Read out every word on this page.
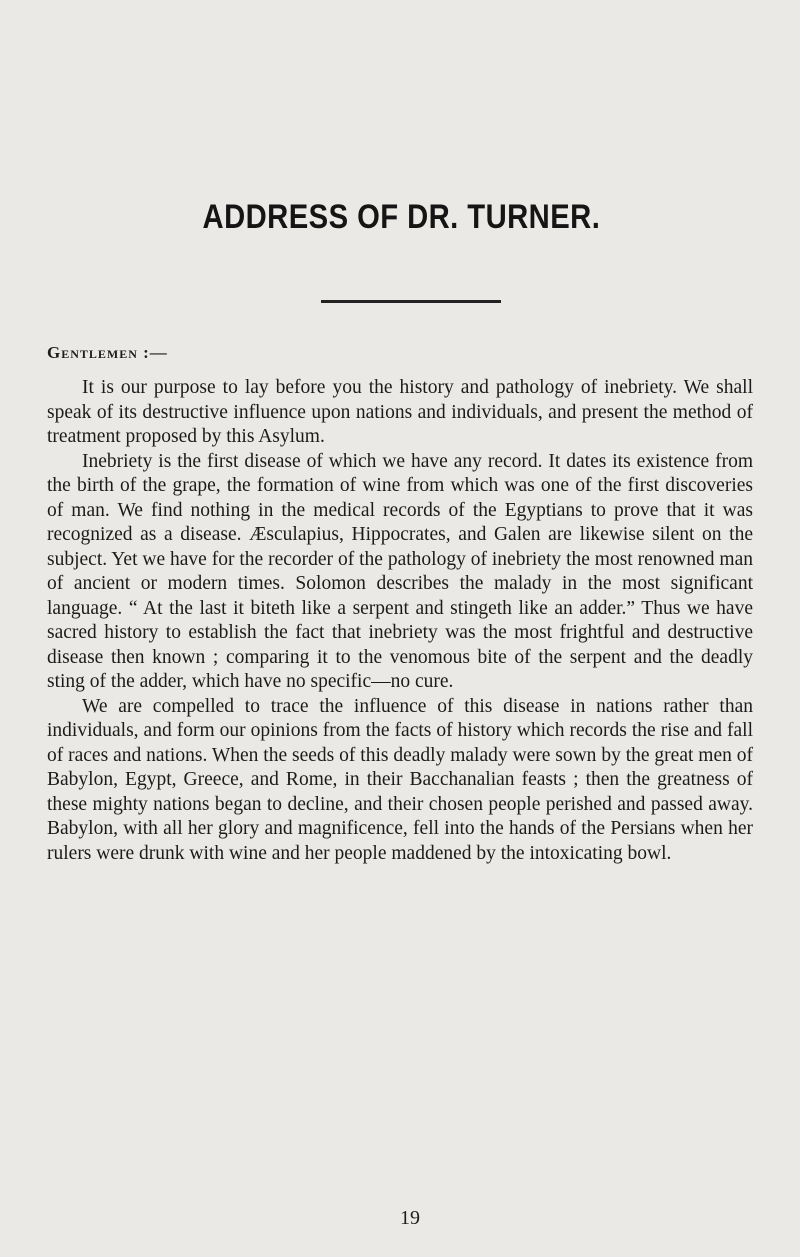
ADDRESS OF DR. TURNER.
Gentlemen :—

It is our purpose to lay before you the history and pathology of inebriety. We shall speak of its destructive influence upon nations and individuals, and present the method of treatment proposed by this Asylum.

Inebriety is the first disease of which we have any record. It dates its existence from the birth of the grape, the formation of wine from which was one of the first discoveries of man. We find nothing in the medical records of the Egyptians to prove that it was recognized as a disease. Æsculapius, Hippocrates, and Galen are likewise silent on the subject. Yet we have for the recorder of the pathology of inebriety the most renowned man of ancient or modern times. Solomon describes the malady in the most significant language. “ At the last it biteth like a serpent and stingeth like an adder.” Thus we have sacred history to establish the fact that inebriety was the most frightful and destructive disease then known ; comparing it to the venomous bite of the serpent and the deadly sting of the adder, which have no specific—no cure.

We are compelled to trace the influence of this disease in nations rather than individuals, and form our opinions from the facts of history which records the rise and fall of races and nations. When the seeds of this deadly malady were sown by the great men of Babylon, Egypt, Greece, and Rome, in their Bacchanalian feasts ; then the greatness of these mighty nations began to decline, and their chosen people perished and passed away. Babylon, with all her glory and magnificence, fell into the hands of the Persians when her rulers were drunk with wine and her people maddened by the intoxicating bowl.

19
